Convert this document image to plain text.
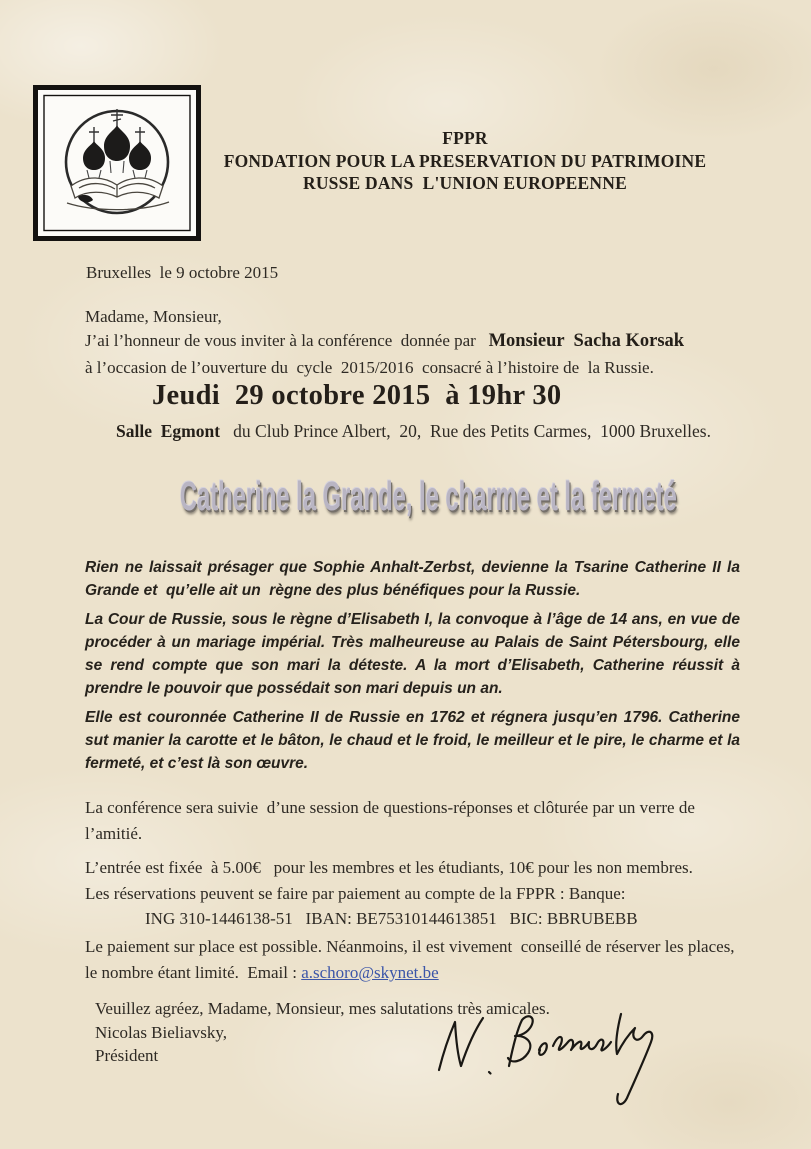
FPPR
FONDATION POUR LA PRESERVATION DU PATRIMOINE
RUSSE DANS  L'UNION EUROPEENNE
Bruxelles  le 9 octobre 2015
Madame, Monsieur,
J’ai l’honneur de vous inviter à la conférence  donnée par   Monsieur  Sacha Korsak
à l’occasion de l’ouverture du  cycle  2015/2016  consacré à l’histoire de  la Russie.
Jeudi  29 octobre 2015  à 19hr 30
Salle  Egmont   du Club Prince Albert,  20,  Rue des Petits Carmes,  1000 Bruxelles.
Catherine la Grande, le charme et la fermeté

Rien ne laissait présager que Sophie Anhalt-Zerbst, devienne la Tsarine Catherine II la Grande et  qu’elle ait un  règne des plus bénéfiques pour la Russie.

La Cour de Russie, sous le règne d’Elisabeth I, la convoque à l’âge de 14 ans, en vue de procéder à un mariage impérial. Très malheureuse au Palais de Saint Pétersbourg, elle se rend compte que son mari la déteste. A la mort d’Elisabeth, Catherine réussit à prendre le pouvoir que possédait son mari depuis un an.

Elle est couronnée Catherine II de Russie en 1762 et régnera jusqu’en 1796. Catherine sut manier la carotte et le bâton, le chaud et le froid, le meilleur et le pire, le charme et la fermeté, et c’est là son œuvre.

La conférence sera suivie  d’une session de questions-réponses et clôturée par un verre de l’amitié.
L’entrée est fixée  à 5.00€   pour les membres et les étudiants, 10€ pour les non membres.
Les réservations peuvent se faire par paiement au compte de la FPPR : Banque:
ING 310-1446138-51   IBAN: BE75310144613851   BIC: BBRUBEBB
Le paiement sur place est possible. Néanmoins, il est vivement  conseillé de réserver les places, le nombre étant limité.  Email : a.schoro@skynet.be
Veuillez agréez, Madame, Monsieur, mes salutations très amicales.
Nicolas Bieliavsky,
Président
